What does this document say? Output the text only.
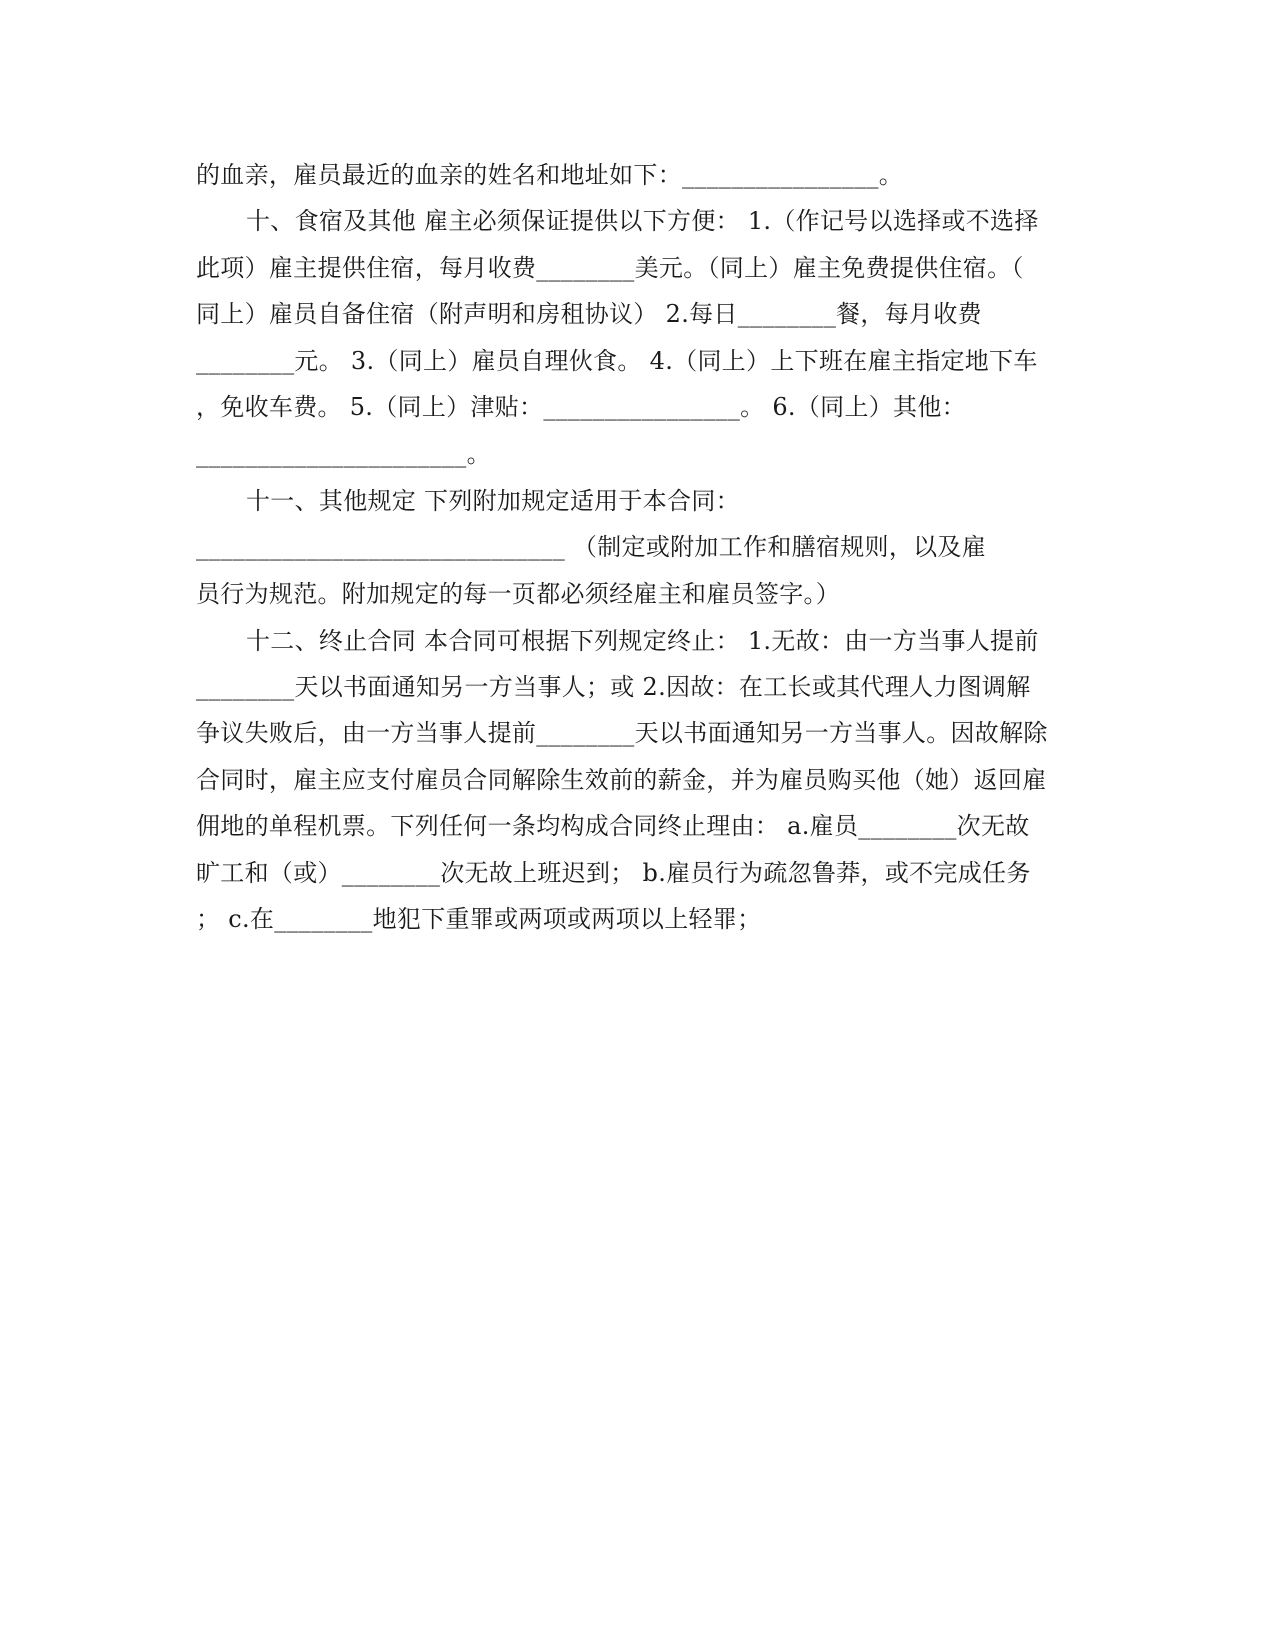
的血亲，雇员最近的血亲的姓名和地址如下：________________。
十、食宿及其他 雇主必须保证提供以下方便： 1.（作记号以选择或不选择
此项）雇主提供住宿，每月收费________美元。（同上）雇主免费提供住宿。（
同上）雇员自备住宿（附声明和房租协议） 2.每日________餐，每月收费
________元。 3.（同上）雇员自理伙食。 4.（同上）上下班在雇主指定地下车
，免收车费。 5.（同上）津贴：________________。 6.（同上）其他：
______________________。
十一、其他规定 下列附加规定适用于本合同：
______________________________ （制定或附加工作和膳宿规则，以及雇
员行为规范。附加规定的每一页都必须经雇主和雇员签字。）
十二、终止合同 本合同可根据下列规定终止： 1.无故：由一方当事人提前
________天以书面通知另一方当事人；或 2.因故：在工长或其代理人力图调解
争议失败后，由一方当事人提前________天以书面通知另一方当事人。因故解除
合同时，雇主应支付雇员合同解除生效前的薪金，并为雇员购买他（她）返回雇
佣地的单程机票。下列任何一条均构成合同终止理由： a.雇员________次无故
旷工和（或）________次无故上班迟到； b.雇员行为疏忽鲁莽，或不完成任务
； c.在________地犯下重罪或两项或两项以上轻罪；
